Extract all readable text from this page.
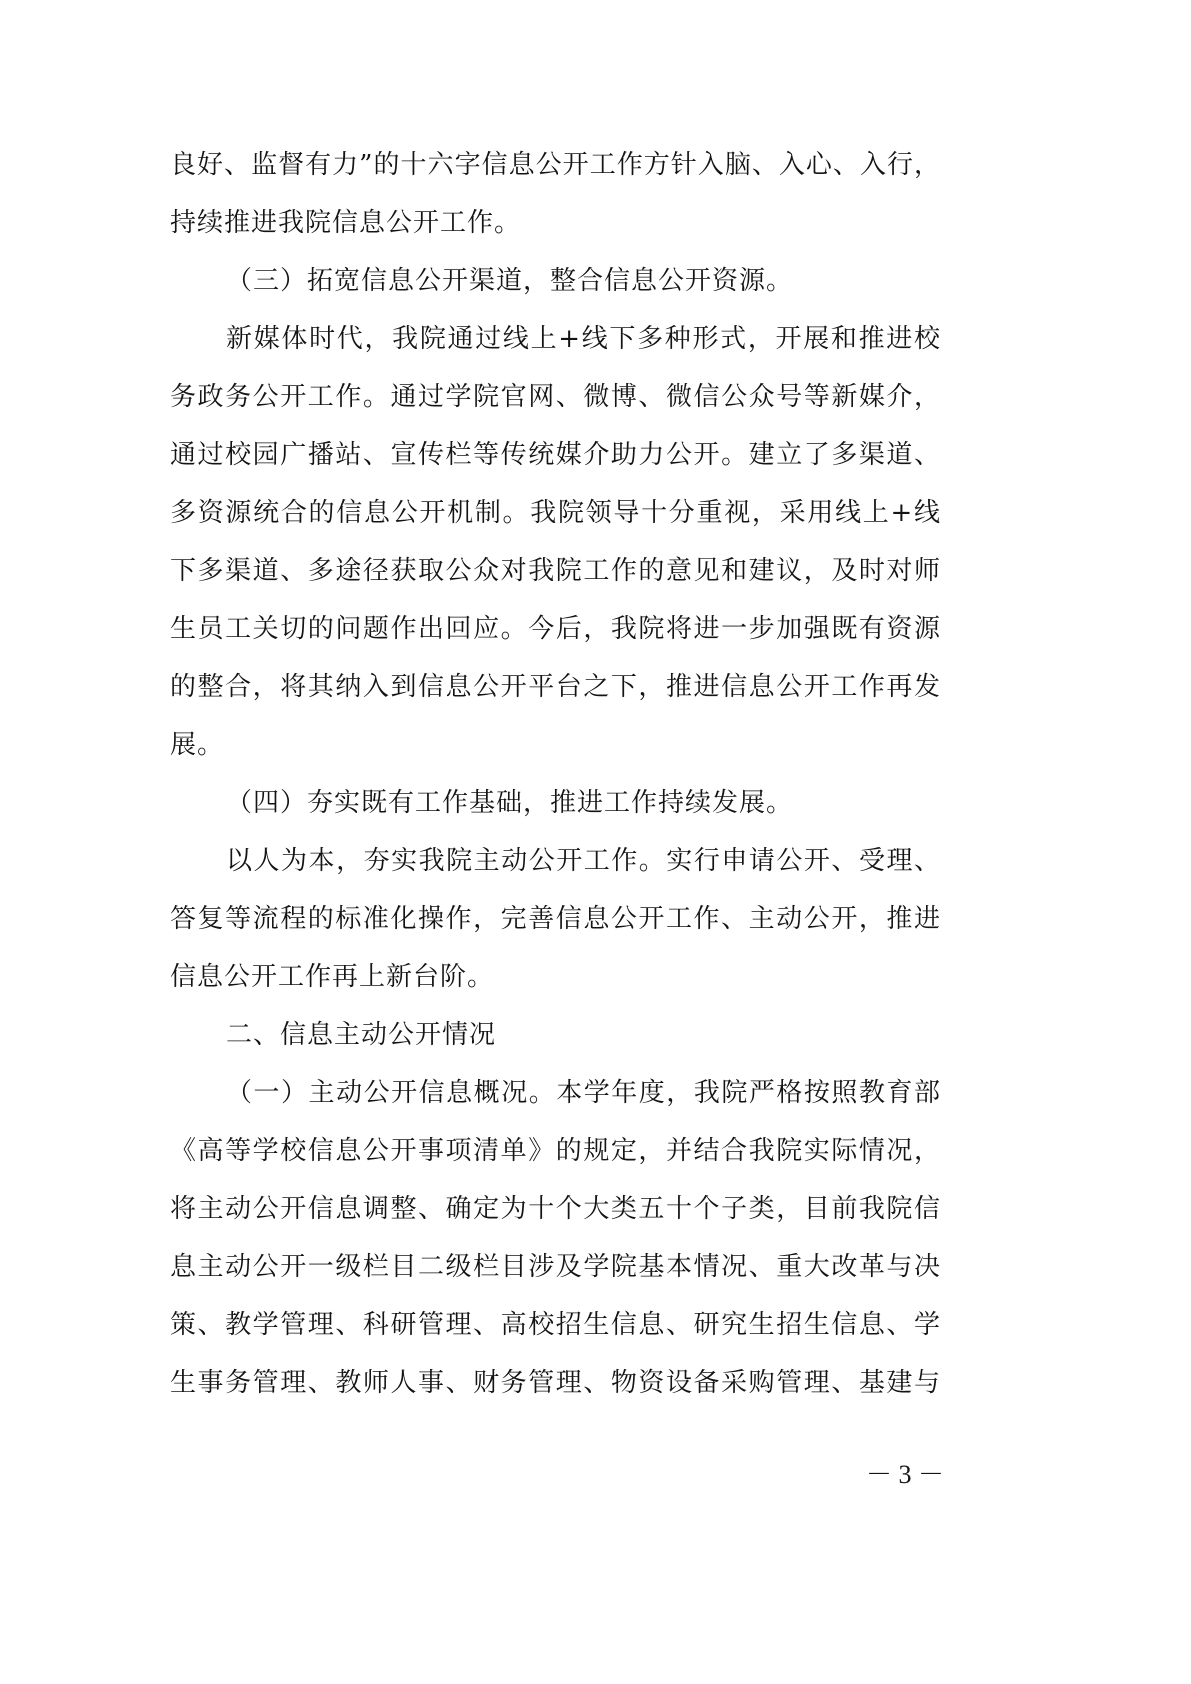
良好、监督有力”的十六字信息公开工作方针入脑、入心、入行，
持续推进我院信息公开工作。
（三）拓宽信息公开渠道，整合信息公开资源。
新媒体时代，我院通过线上+线下多种形式，开展和推进校
务政务公开工作。通过学院官网、微博、微信公众号等新媒介，
通过校园广播站、宣传栏等传统媒介助力公开。建立了多渠道、
多资源统合的信息公开机制。我院领导十分重视，采用线上+线
下多渠道、多途径获取公众对我院工作的意见和建议，及时对师
生员工关切的问题作出回应。今后，我院将进一步加强既有资源
的整合，将其纳入到信息公开平台之下，推进信息公开工作再发
展。
（四）夯实既有工作基础，推进工作持续发展。
以人为本，夯实我院主动公开工作。实行申请公开、受理、
答复等流程的标准化操作，完善信息公开工作、主动公开，推进
信息公开工作再上新台阶。
二、信息主动公开情况
（一）主动公开信息概况。本学年度，我院严格按照教育部
《高等学校信息公开事项清单》的规定，并结合我院实际情况，
将主动公开信息调整、确定为十个大类五十个子类，目前我院信
息主动公开一级栏目二级栏目涉及学院基本情况、重大改革与决
策、教学管理、科研管理、高校招生信息、研究生招生信息、学
生事务管理、教师人事、财务管理、物资设备采购管理、基建与
－ 3 －
